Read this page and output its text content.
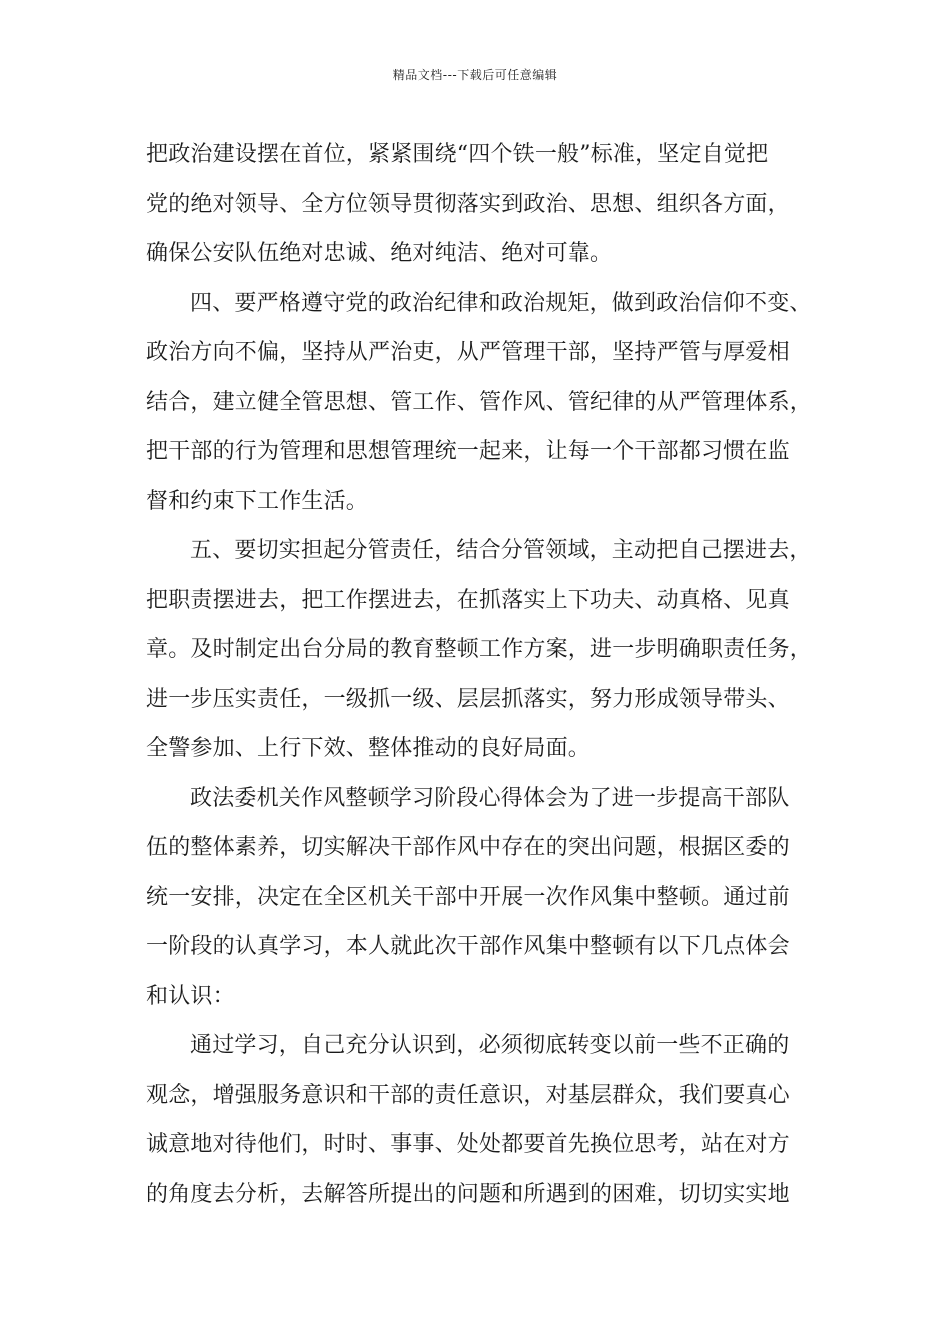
精品文档---下载后可任意编辑

把政治建设摆在首位，紧紧围绕“四个铁一般”标准，坚定自觉把
党的绝对领导、全方位领导贯彻落实到政治、思想、组织各方面，
确保公安队伍绝对忠诚、绝对纯洁、绝对可靠。

四、要严格遵守党的政治纪律和政治规矩，做到政治信仰不变、
政治方向不偏，坚持从严治吏，从严管理干部，坚持严管与厚爱相
结合，建立健全管思想、管工作、管作风、管纪律的从严管理体系，
把干部的行为管理和思想管理统一起来，让每一个干部都习惯在监
督和约束下工作生活。

五、要切实担起分管责任，结合分管领域，主动把自己摆进去，
把职责摆进去，把工作摆进去，在抓落实上下功夫、动真格、见真
章。及时制定出台分局的教育整顿工作方案，进一步明确职责任务，
进一步压实责任，一级抓一级、层层抓落实，努力形成领导带头、
全警参加、上行下效、整体推动的良好局面。

政法委机关作风整顿学习阶段心得体会为了进一步提高干部队
伍的整体素养，切实解决干部作风中存在的突出问题，根据区委的
统一安排，决定在全区机关干部中开展一次作风集中整顿。通过前
一阶段的认真学习，本人就此次干部作风集中整顿有以下几点体会
和认识：

通过学习，自己充分认识到，必须彻底转变以前一些不正确的
观念，增强服务意识和干部的责任意识，对基层群众，我们要真心
诚意地对待他们，时时、事事、处处都要首先换位思考，站在对方
的角度去分析，去解答所提出的问题和所遇到的困难，切切实实地
